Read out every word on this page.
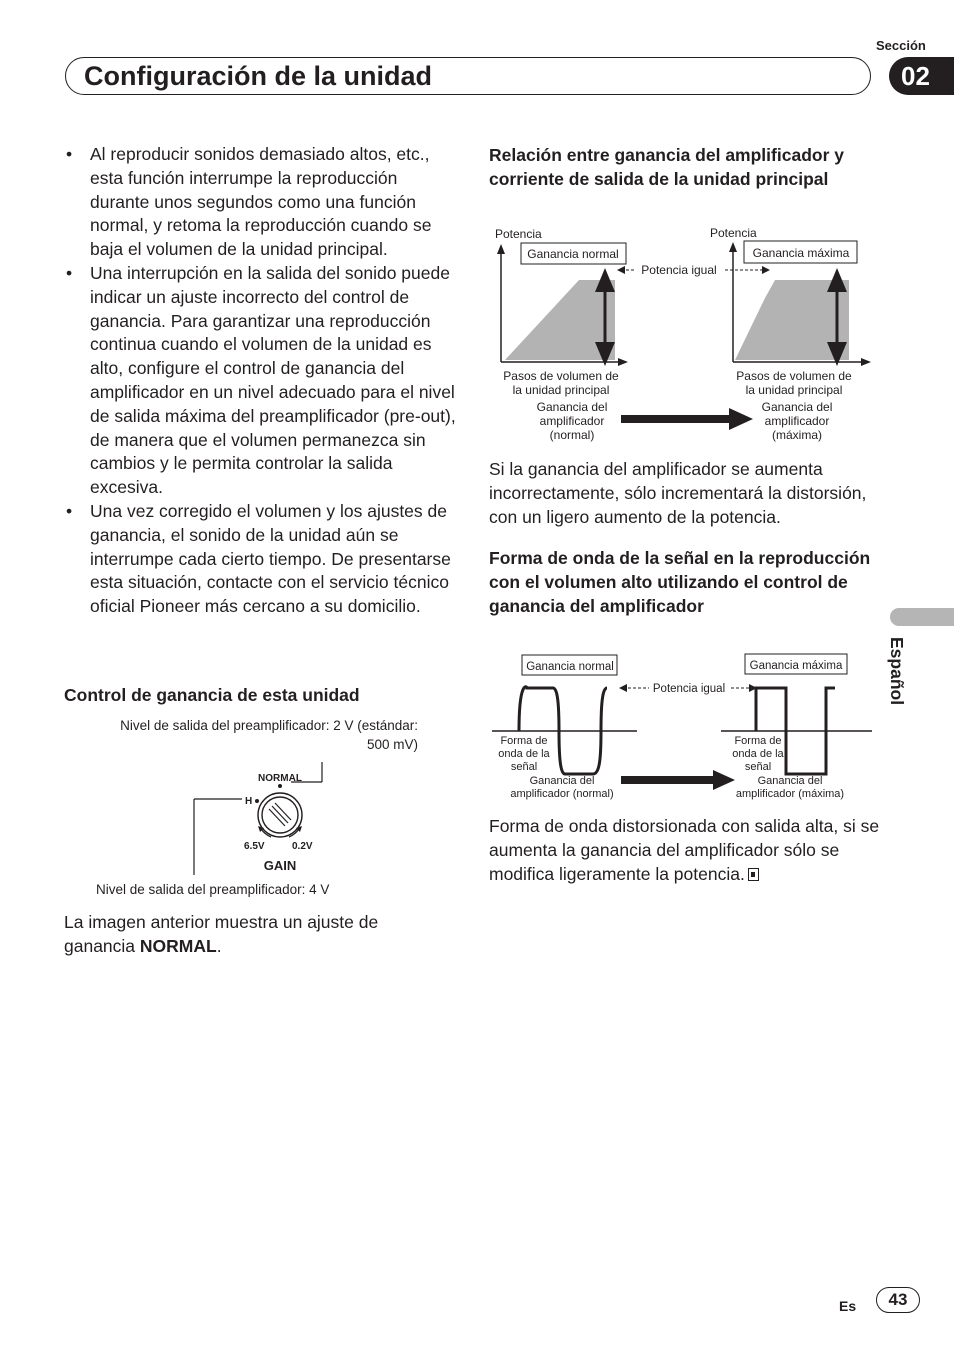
Sección
Configuración de la unidad	02
• Al reproducir sonidos demasiado altos, etc., esta función interrumpe la reproducción durante unos segundos como una función normal, y retoma la reproducción cuando se baja el volumen de la unidad principal.
• Una interrupción en la salida del sonido puede indicar un ajuste incorrecto del control de ganancia. Para garantizar una reproducción continua cuando el volumen de la unidad es alto, configure el control de ganancia del amplificador en un nivel adecuado para el nivel de salida máxima del preamplificador (pre-out), de manera que el volumen permanezca sin cambios y le permita controlar la salida excesiva.
• Una vez corregido el volumen y los ajustes de ganancia, el sonido de la unidad aún se interrumpe cada cierto tiempo. De presentarse esta situación, contacte con el servicio técnico oficial Pioneer más cercano a su domicilio.
Control de ganancia de esta unidad
Nivel de salida del preamplificador: 2 V (estándar: 500 mV)
NORMAL
H
6.5V	0.2V
GAIN
Nivel de salida del preamplificador: 4 V
La imagen anterior muestra un ajuste de ganancia NORMAL.
Relación entre ganancia del amplificador y corriente de salida de la unidad principal
Potencia
Ganancia normal
Pasos de volumen de
la unidad principal
Ganancia del
amplificador
(normal)
Potencia igual
Potencia
Ganancia máxima
Pasos de volumen de
la unidad principal
Ganancia del
amplificador
(máxima)
Si la ganancia del amplificador se aumenta incorrectamente, sólo incrementará la distorsión, con un ligero aumento de la potencia.
Forma de onda de la señal en la reproducción con el volumen alto utilizando el control de ganancia del amplificador
Ganancia normal	Ganancia máxima
Potencia igual
Forma de
onda de la
señal
Ganancia del
amplificador (normal)
Forma de
onda de la
señal
Ganancia del
amplificador (máxima)
Forma de onda distorsionada con salida alta, si se aumenta la ganancia del amplificador sólo se modifica ligeramente la potencia.
Español
Es	43
